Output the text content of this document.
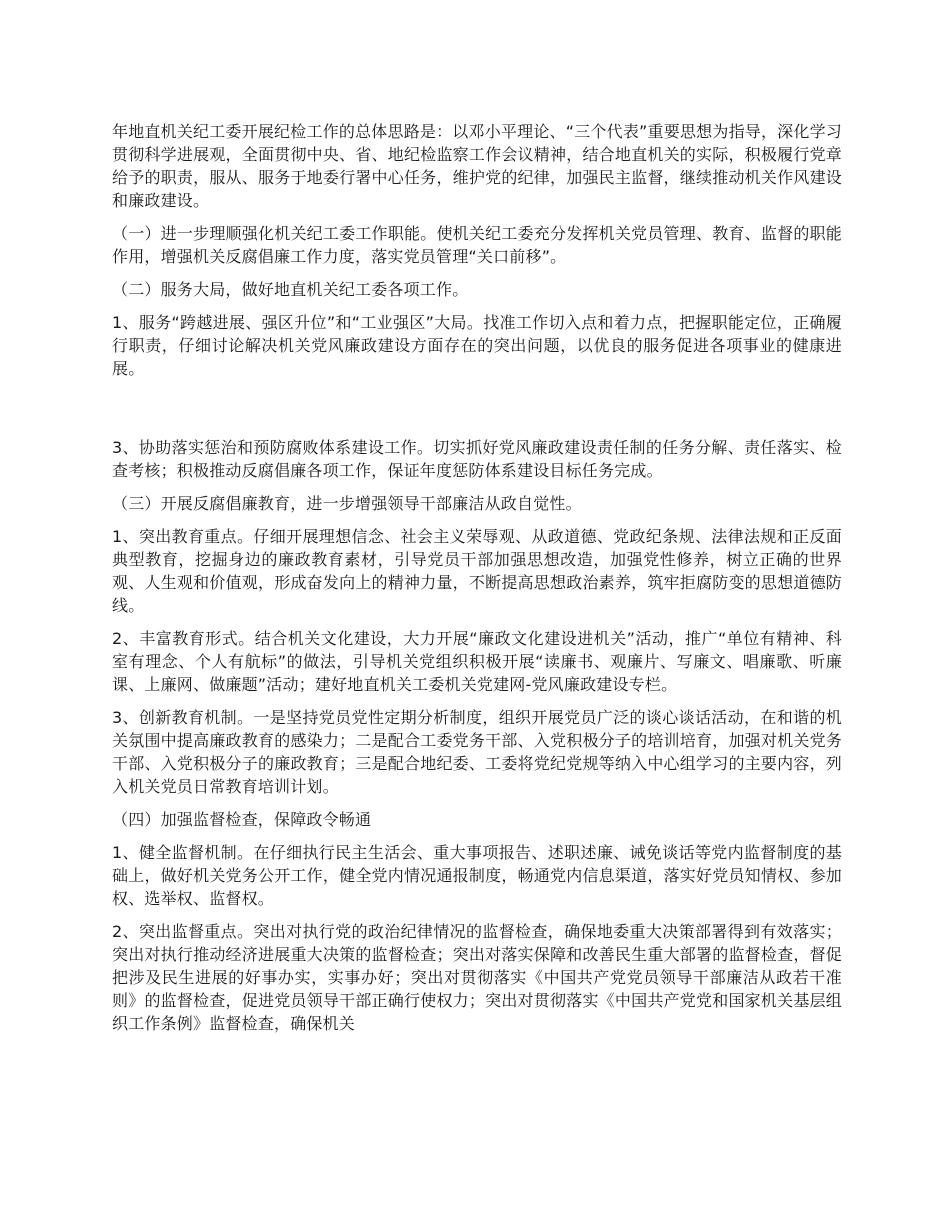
年地直机关纪工委开展纪检工作的总体思路是：以邓小平理论、“三个代表”重要思想为指导，深化学习贯彻科学进展观，全面贯彻中央、省、地纪检监察工作会议精神，结合地直机关的实际，积极履行党章给予的职责，服从、服务于地委行署中心任务，维护党的纪律，加强民主监督，继续推动机关作风建设和廉政建设。

（一）进一步理顺强化机关纪工委工作职能。使机关纪工委充分发挥机关党员管理、教育、监督的职能作用，增强机关反腐倡廉工作力度，落实党员管理“关口前移”。

（二）服务大局，做好地直机关纪工委各项工作。

1、服务“跨越进展、强区升位”和“工业强区”大局。找准工作切入点和着力点，把握职能定位，正确履行职责，仔细讨论解决机关党风廉政建设方面存在的突出问题，以优良的服务促进各项事业的健康进展。

3、协助落实惩治和预防腐败体系建设工作。切实抓好党风廉政建设责任制的任务分解、责任落实、检查考核；积极推动反腐倡廉各项工作，保证年度惩防体系建设目标任务完成。

（三）开展反腐倡廉教育，进一步增强领导干部廉洁从政自觉性。

1、突出教育重点。仔细开展理想信念、社会主义荣辱观、从政道德、党政纪条规、法律法规和正反面典型教育，挖掘身边的廉政教育素材，引导党员干部加强思想改造，加强党性修养，树立正确的世界观、人生观和价值观，形成奋发向上的精神力量，不断提高思想政治素养，筑牢拒腐防变的思想道德防线。

2、丰富教育形式。结合机关文化建设，大力开展“廉政文化建设进机关”活动，推广“单位有精神、科室有理念、个人有航标”的做法，引导机关党组织积极开展“读廉书、观廉片、写廉文、唱廉歌、听廉课、上廉网、做廉题”活动；建好地直机关工委机关党建网-党风廉政建设专栏。

3、创新教育机制。一是坚持党员党性定期分析制度，组织开展党员广泛的谈心谈话活动，在和谐的机关氛围中提高廉政教育的感染力；二是配合工委党务干部、入党积极分子的培训培育，加强对机关党务干部、入党积极分子的廉政教育；三是配合地纪委、工委将党纪党规等纳入中心组学习的主要内容，列入机关党员日常教育培训计划。

（四）加强监督检查，保障政令畅通

1、健全监督机制。在仔细执行民主生活会、重大事项报告、述职述廉、诫免谈话等党内监督制度的基础上，做好机关党务公开工作，健全党内情况通报制度，畅通党内信息渠道，落实好党员知情权、参加权、选举权、监督权。

2、突出监督重点。突出对执行党的政治纪律情况的监督检查，确保地委重大决策部署得到有效落实；突出对执行推动经济进展重大决策的监督检查；突出对落实保障和改善民生重大部署的监督检查，督促把涉及民生进展的好事办实，实事办好；突出对贯彻落实《中国共产党党员领导干部廉洁从政若干准则》的监督检查，促进党员领导干部正确行使权力；突出对贯彻落实《中国共产党党和国家机关基层组织工作条例》监督检查，确保机关
